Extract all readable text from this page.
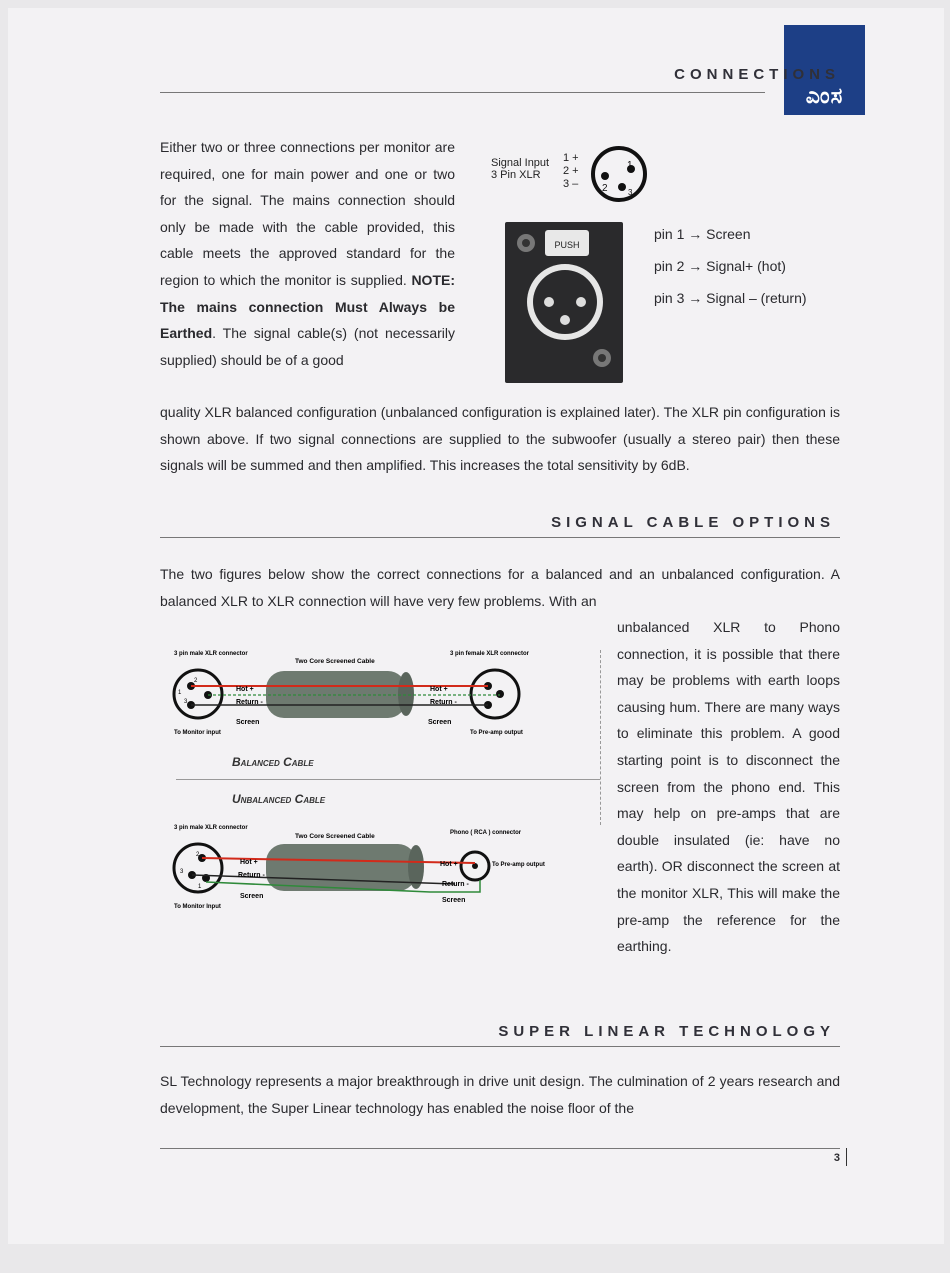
ಎಂಸ
CONNECTIONS
Either two or three connections per monitor are required, one for main power and one or two for the signal. The mains connection should only be made with the cable provided, this cable meets the approved standard for the region to which the monitor is supplied. NOTE: The mains connection Must Always be Earthed. The signal cable(s) (not necessarily supplied) should be of a good
Signal Input
3 Pin XLR
1 +
2 +
3 –
1
2	3
PUSH
pin 1 → Screen
pin 2 → Signal+ (hot)
pin 3 → Signal – (return)
quality XLR balanced configuration (unbalanced configuration is explained later). The XLR pin configuration is shown above. If two signal connections are supplied to the subwoofer (usually a stereo pair) then these signals will be summed and then amplified. This increases the total sensitivity by 6dB.
SIGNAL CABLE OPTIONS
The two figures below show the correct connections for a balanced and an unbalanced configuration. A balanced XLR to XLR connection will have very few problems. With an
unbalanced XLR to Phono connection, it is possible that there may be problems with earth loops causing hum. There are many ways to eliminate this problem. A good starting point is to disconnect the screen from the phono end. This may help on pre-amps that are double insulated (ie: have no earth). OR disconnect the screen at the monitor XLR, This will make the pre-amp the reference for the earthing.
2
3
1	Hot +
Return -
Screen
Hot +
Return -
Screen
Two Core Screened Cable
3 pin male XLR connector	3 pin female XLR connector
To Monitor input	To Pre-amp output
Balanced Cable
Unbalanced Cable
2
3
1
Hot +
Return -
Screen
Hot +
Return -
Screen
Two Core Screened Cable
3 pin male XLR connector
Phono ( RCA ) connector
To Monitor Input
To Pre-amp output
SUPER LINEAR TECHNOLOGY
SL Technology represents a major breakthrough in drive unit design. The culmination of 2 years research and development, the Super Linear technology has enabled the noise floor of the
3
